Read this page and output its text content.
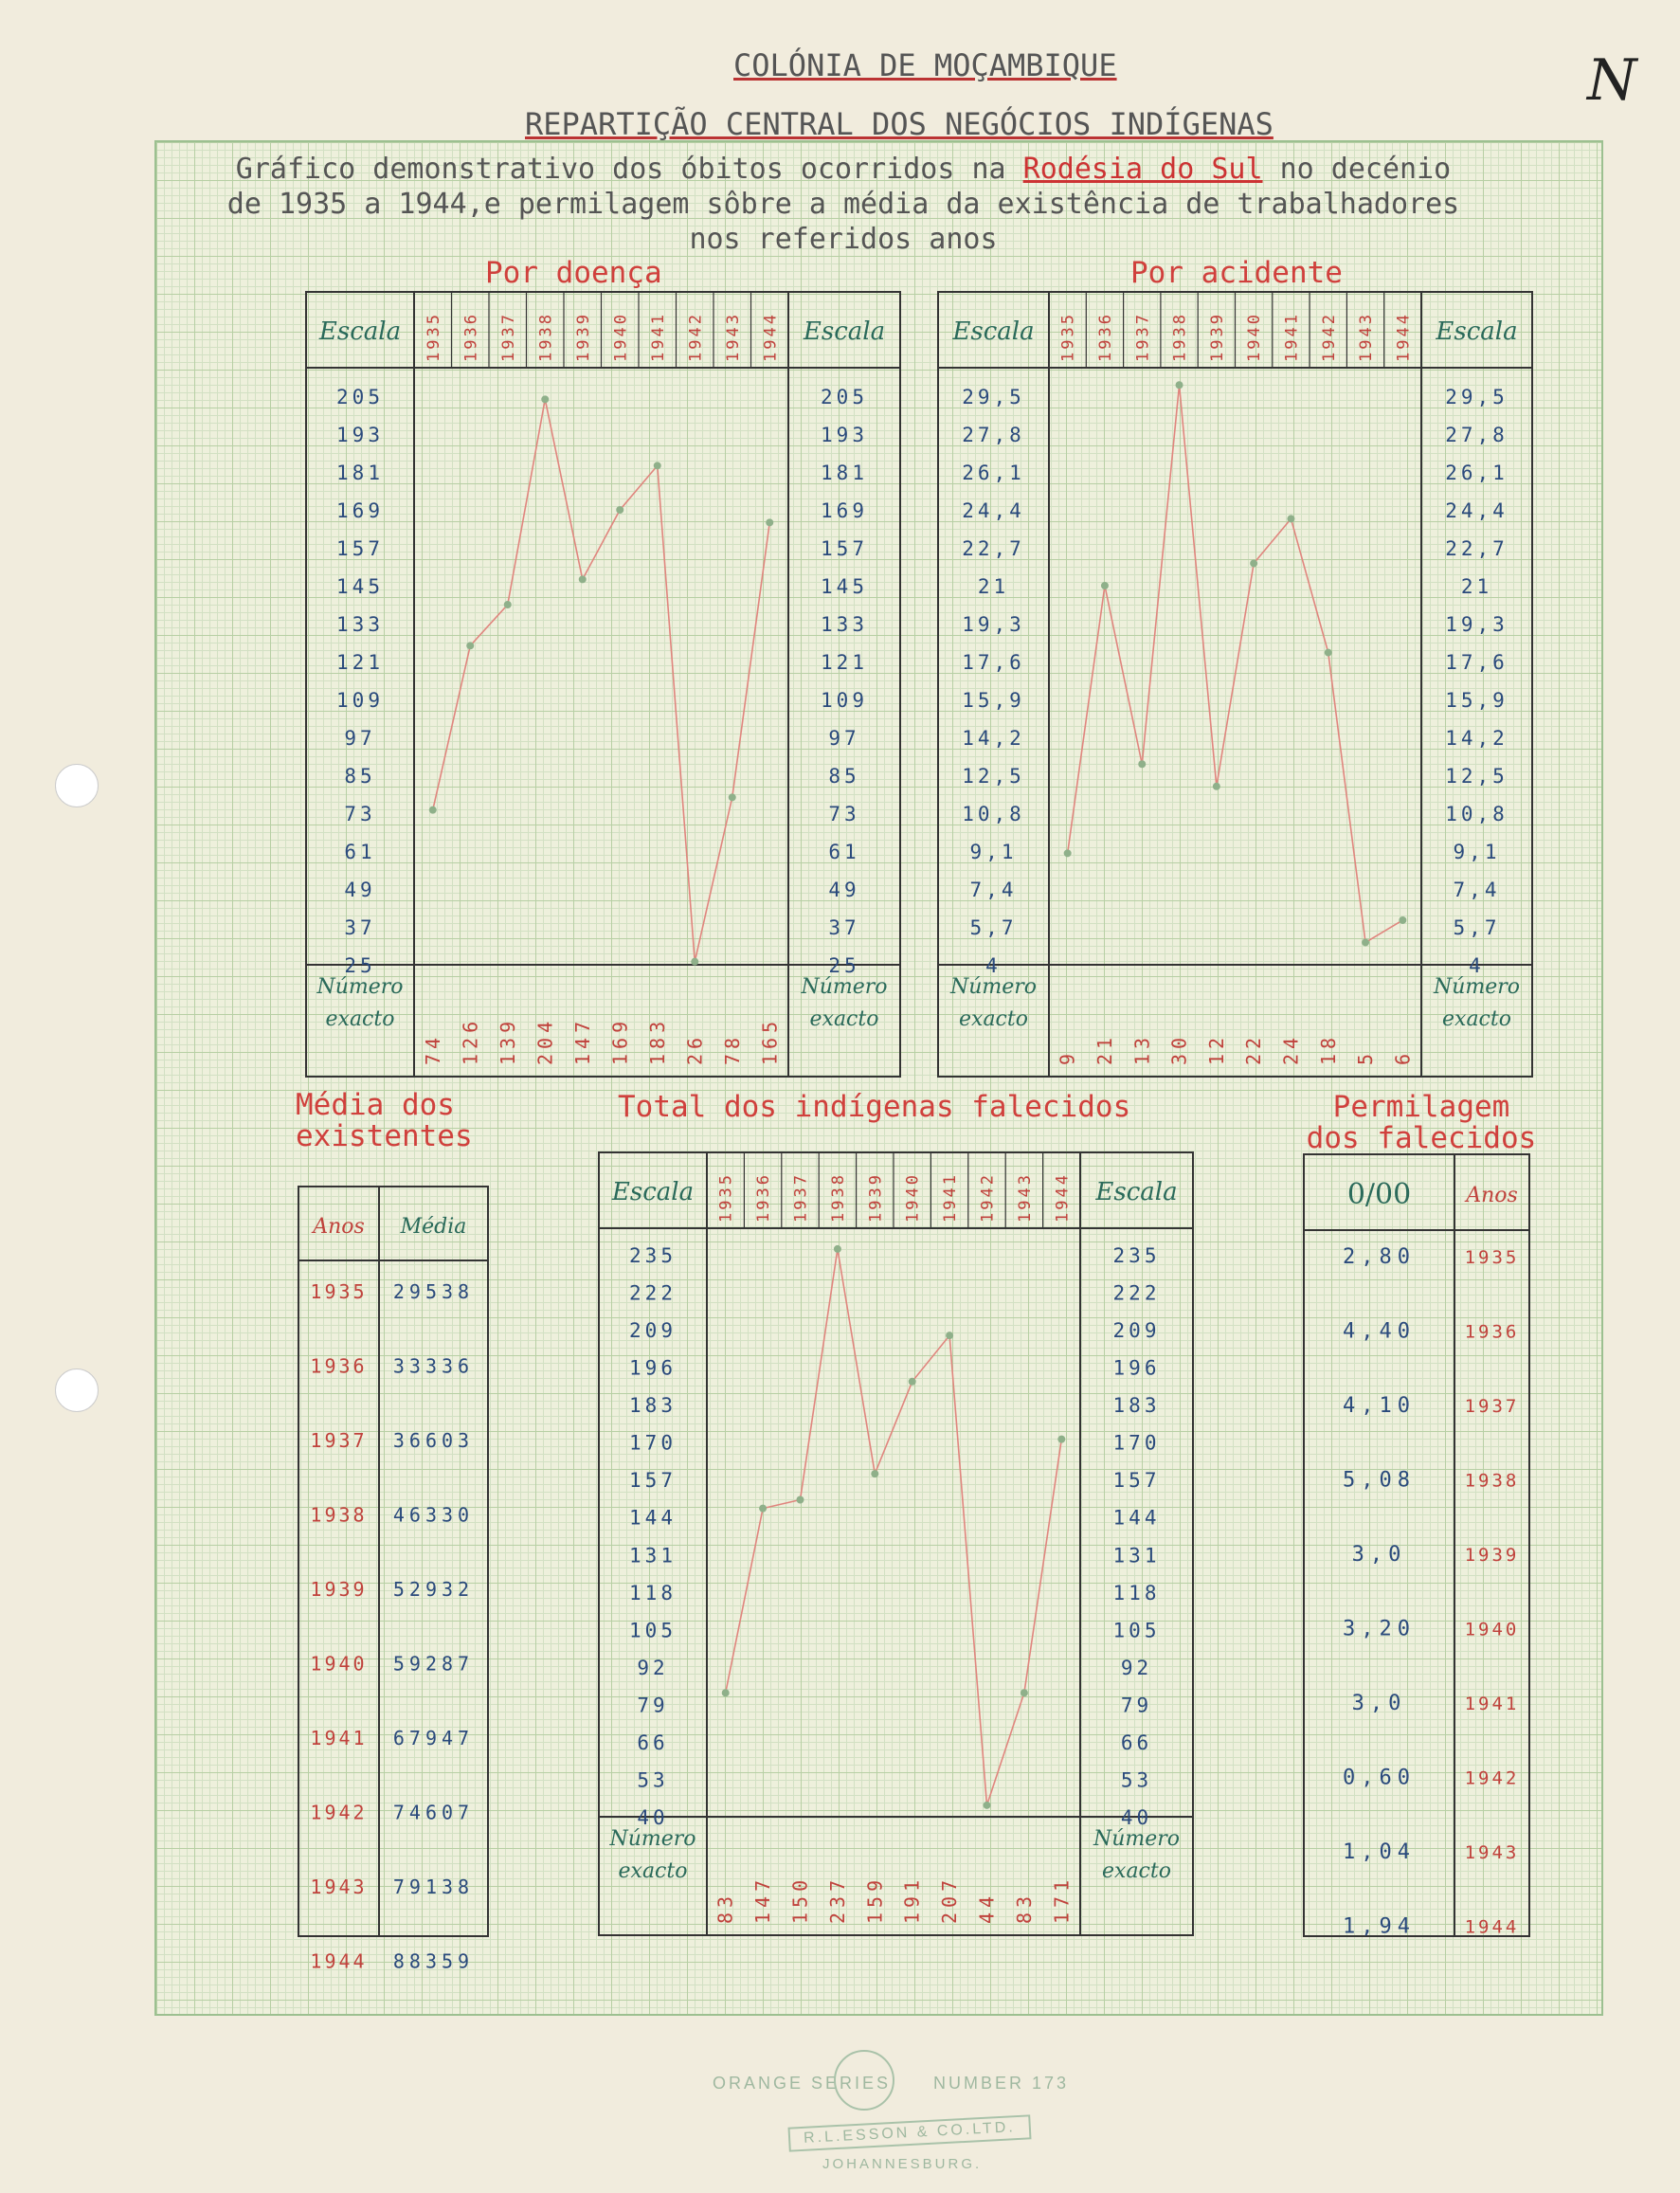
COLÓNIA DE MOÇAMBIQUE
REPARTIÇÃO CENTRAL DOS NEGÓCIOS INDÍGENAS
N
Gráfico demonstrativo dos óbitos ocorridos na Rodésia do Sul no decénio
de 1935 a 1944,e permilagem sôbre a média da existência de trabalhadores
nos referidos anos
Por doença	Por acidente
Média dos existentes
Total dos indígenas falecidos	Permilagem dos falecidos
Escala	Escala
Número
exacto
Número
exacto
1935 1936 1937 1938 1939 1940 1941 1942 1943 1944
205	205
193	193
181	181
169	169
157	157
145	145
133	133
121	121
109	109
97	97
85	85
73	73
61	61
49	49
37	37
25	25
74 126 139 204 147 169 183 26 78 165
Escala	Escala
Número
exacto
Número
exacto
1935 1936 1937 1938 1939 1940 1941 1942 1943 1944
29,5	29,5
27,8	27,8
26,1	26,1
24,4	24,4
22,7	22,7
21	21
19,3	19,3
17,6	17,6
15,9	15,9
14,2	14,2
12,5	12,5
10,8	10,8
9,1	9,1
7,4	7,4
5,7	5,7
4	4
9 21 13 30 12 22 24 18 5 6
Escala	Escala
Número
exacto
Número
exacto
1935 1936 1937 1938 1939 1940 1941 1942 1943 1944
235	235
222	222
209	209
196	196
183	183
170	170
157	157
144	144
131	131
118	118
105	105
92	92
79	79
66	66
53	53
40	40
83 147 150 237 159 191 207 44 83 171
Anos Média
1935 29538
1936 33336
1937 36603
1938 46330
1939 52932
1940 59287
1941 67947
1942 74607
1943 79138
1944 88359
0/00	Anos
2,80	1935
4,40	1936
4,10	1937
5,08	1938
3,0	1939
3,20	1940
3,0	1941
0,60	1942
1,04	1943
1,94	1944
ORANGE SERIES NUMBER 173
R.L.ESSON & CO.LTD.
JOHANNESBURG.
